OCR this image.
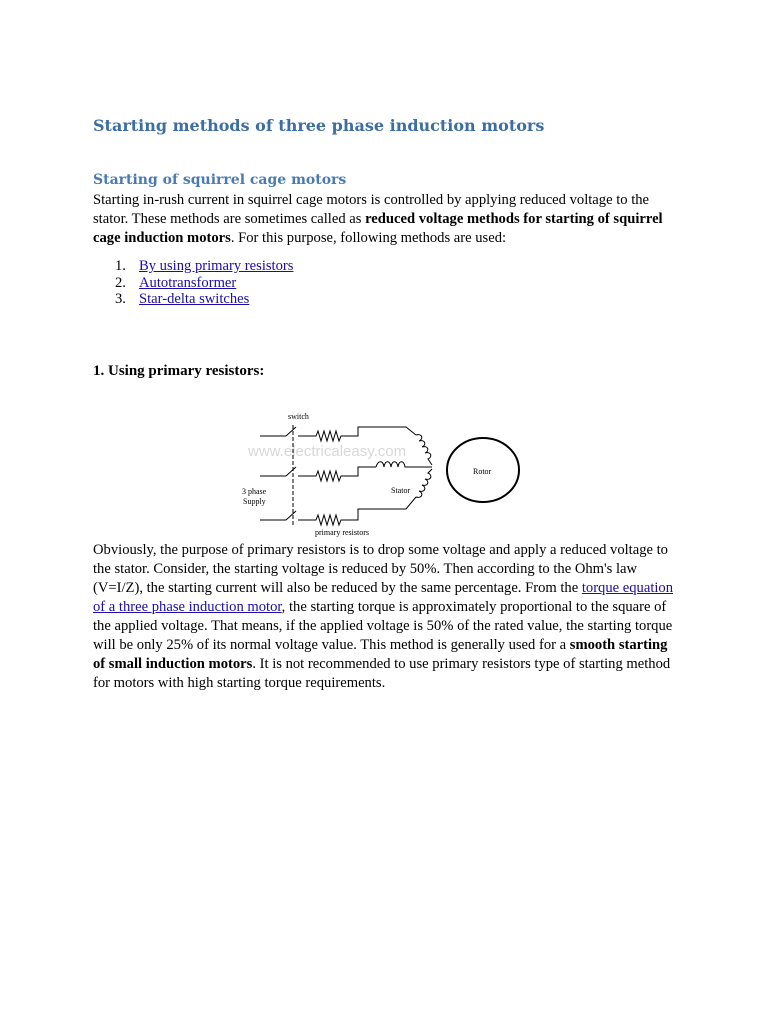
Starting methods of three phase induction motors
Starting of squirrel cage motors

Starting in-rush current in squirrel cage motors is controlled by applying reduced voltage to the stator. These methods are sometimes called as reduced voltage methods for starting of squirrel cage induction motors. For this purpose, following methods are used:

1. By using primary resistors
2. Autotransformer
3. Star-delta switches
1. Using primary resistors:
www.electricaleasy.com
switch
3 phase
Supply
Stator
Rotor
primary resistors

Obviously, the purpose of primary resistors is to drop some voltage and apply a reduced voltage to the stator. Consider, the starting voltage is reduced by 50%. Then according to the Ohm's law (V=I/Z), the starting current will also be reduced by the same percentage. From the torque equation of a three phase induction motor, the starting torque is approximately proportional to the square of the applied voltage. That means, if the applied voltage is 50% of the rated value, the starting torque will be only 25% of its normal voltage value. This method is generally used for a smooth starting of small induction motors. It is not recommended to use primary resistors type of starting method for motors with high starting torque requirements.
